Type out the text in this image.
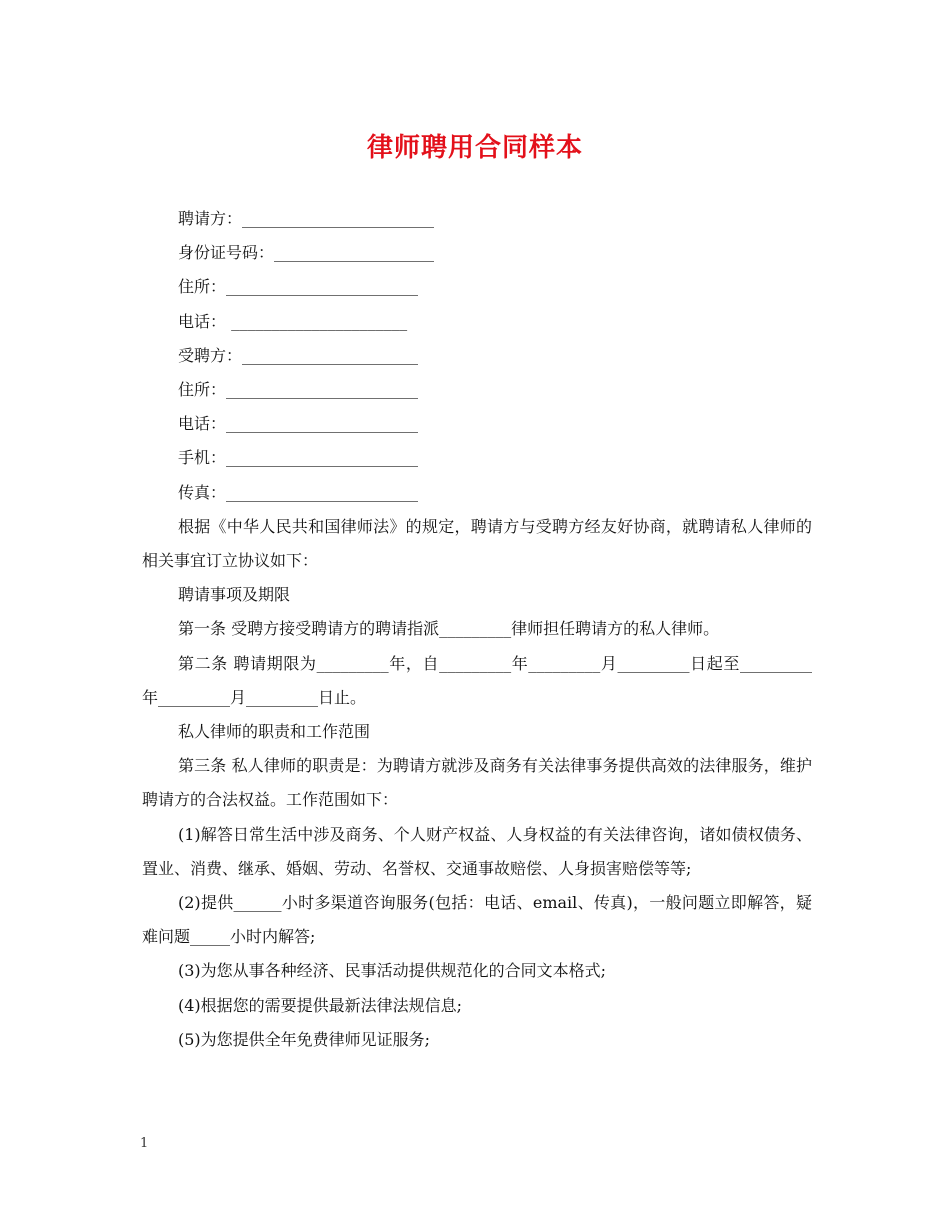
律师聘用合同样本
聘请方：________________________
身份证号码：____________________
住所：________________________
电话： ______________________
受聘方：______________________
住所：________________________
电话：________________________
手机：________________________
传真：________________________
根据《中华人民共和国律师法》的规定，聘请方与受聘方经友好协商，就聘请私人律师的相关事宜订立协议如下：
聘请事项及期限
第一条 受聘方接受聘请方的聘请指派_________律师担任聘请方的私人律师。
第二条 聘请期限为_________年，自_________年_________月_________日起至_________年_________月_________日止。
私人律师的职责和工作范围
第三条 私人律师的职责是：为聘请方就涉及商务有关法律事务提供高效的法律服务，维护聘请方的合法权益。工作范围如下：
(1)解答日常生活中涉及商务、个人财产权益、人身权益的有关法律咨询，诸如债权债务、置业、消费、继承、婚姻、劳动、名誉权、交通事故赔偿、人身损害赔偿等等;
(2)提供______小时多渠道咨询服务(包括：电话、email、传真)，一般问题立即解答，疑难问题_____小时内解答;
(3)为您从事各种经济、民事活动提供规范化的合同文本格式;
(4)根据您的需要提供最新法律法规信息;
(5)为您提供全年免费律师见证服务;
1
